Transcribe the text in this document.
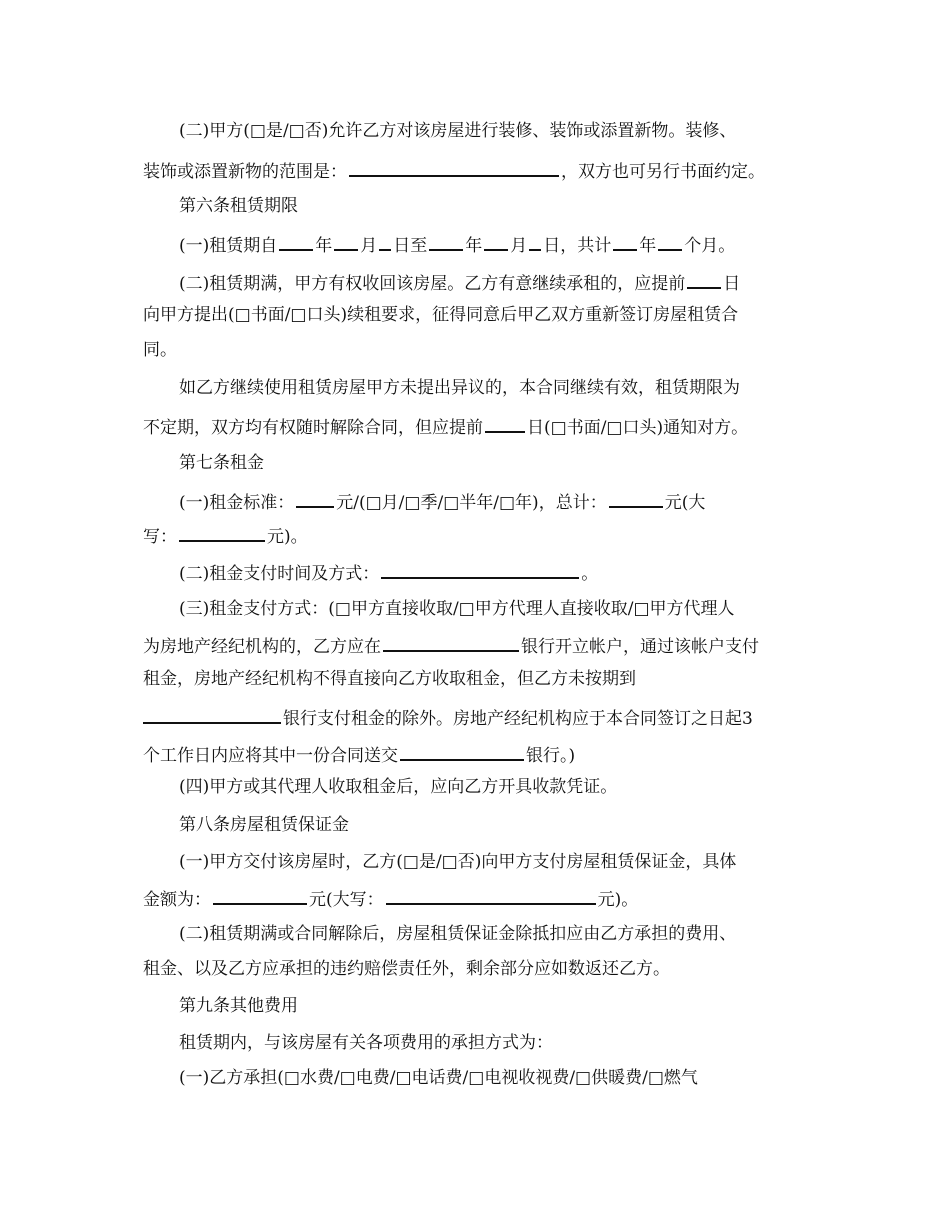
(二)甲方(□是/□否)允许乙方对该房屋进行装修、装饰或添置新物。装修、
装饰或添置新物的范围是：	，双方也可另行书面约定。
第六条租赁期限
(一)租赁期自 年 月 日至 年 月 日，共计 年 个月。
(二)租赁期满，甲方有权收回该房屋。乙方有意继续承租的，应提前 日
向甲方提出(□书面/□口头)续租要求，征得同意后甲乙双方重新签订房屋租赁合
同。
如乙方继续使用租赁房屋甲方未提出异议的，本合同继续有效，租赁期限为
不定期，双方均有权随时解除合同，但应提前	日(□书面/□口头)通知对方。
第七条租金
(一)租金标准： 元/(□月/□季/□半年/□年)，总计：	元(大
写：	元)。
(二)租金支付时间及方式：	。
(三)租金支付方式：(□甲方直接收取/□甲方代理人直接收取/□甲方代理人
为房地产经纪机构的，乙方应在	银行开立帐户，通过该帐户支付
租金，房地产经纪机构不得直接向乙方收取租金，但乙方未按期到
银行支付租金的除外。房地产经纪机构应于本合同签订之日起3
个工作日内应将其中一份合同送交	银行。)
(四)甲方或其代理人收取租金后，应向乙方开具收款凭证。
第八条房屋租赁保证金
(一)甲方交付该房屋时，乙方(□是/□否)向甲方支付房屋租赁保证金，具体
金额为：	元(大写：	元)。
(二)租赁期满或合同解除后，房屋租赁保证金除抵扣应由乙方承担的费用、
租金、以及乙方应承担的违约赔偿责任外，剩余部分应如数返还乙方。
第九条其他费用
租赁期内，与该房屋有关各项费用的承担方式为：
(一)乙方承担(□水费/□电费/□电话费/□电视收视费/□供暖费/□燃气
